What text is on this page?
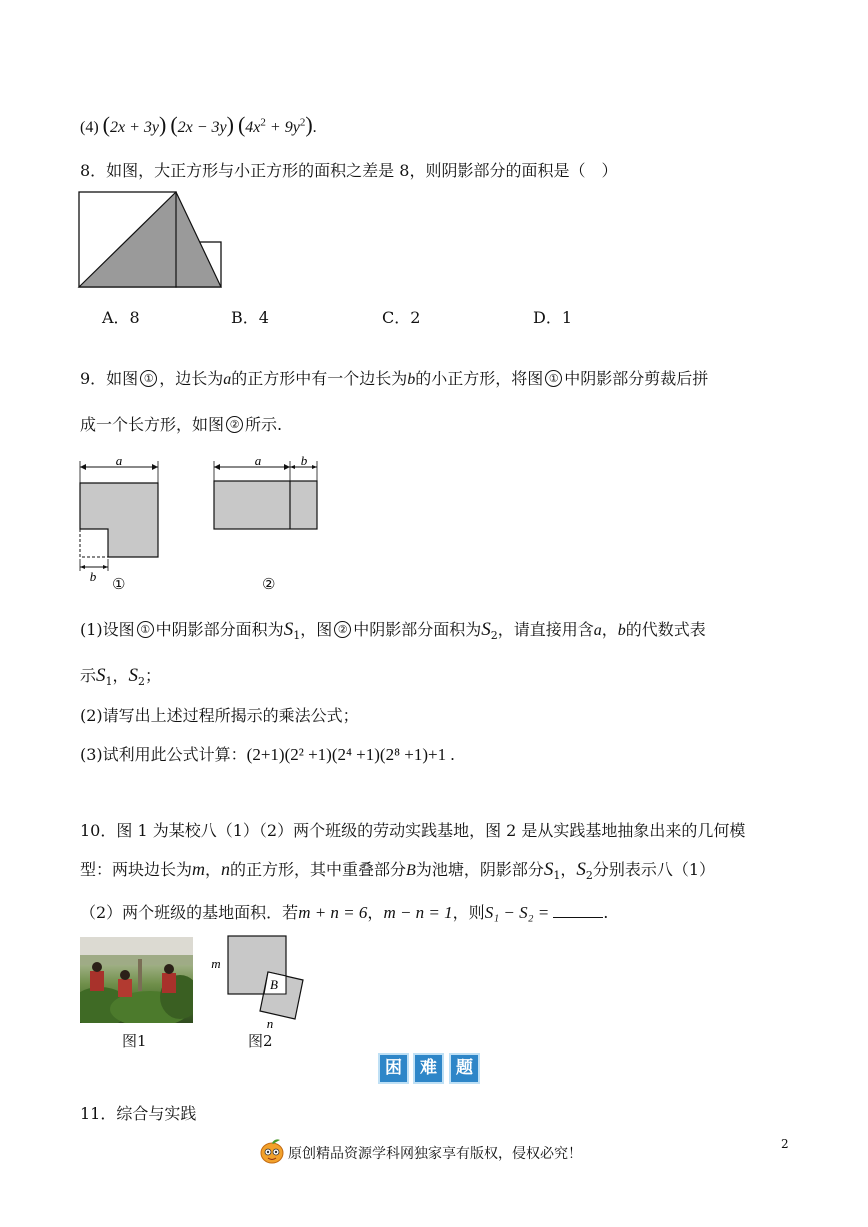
(4) (2x + 3y) (2x − 3y) $(4x^2 + 9y^2)$.
8．如图，大正方形与小正方形的面积之差是 8，则阴影部分的面积是（　）
A．8	B．4	C．2	D．1
9．如图 ① ，边长为a的正方形中有一个边长为b的小正方形，将图 ① 中阴影部分剪裁后拼
成一个长方形，如图 ② 所示.
a
b ①
a	b
②
(1)设图 ① 中阴影部分面积为$S_1$，图 ② 中阴影部分面积为$S_2$，请直接用含a，b的代数式表
示$S_1$，$S_2$；
(2)请写出上述过程所揭示的乘法公式；
(3)试利用此公式计算：(2+1)(2² +1)(2⁴ +1)(2⁸ +1)+1 .
10．图 1 为某校八（1）（2）两个班级的劳动实践基地，图 2 是从实践基地抽象出来的几何模
型：两块边长为m，n的正方形，其中重叠部分B为池塘，阴影部分$S_1$，$S_2$分别表示八（1）
（2）两个班级的基地面积．若m + n = 6，m − n = 1，则S₁ − S₂ =	.
图1
m
B
n
图2
困	难	题
11．综合与实践
2
原创精品资源学科网独家享有版权，侵权必究！
